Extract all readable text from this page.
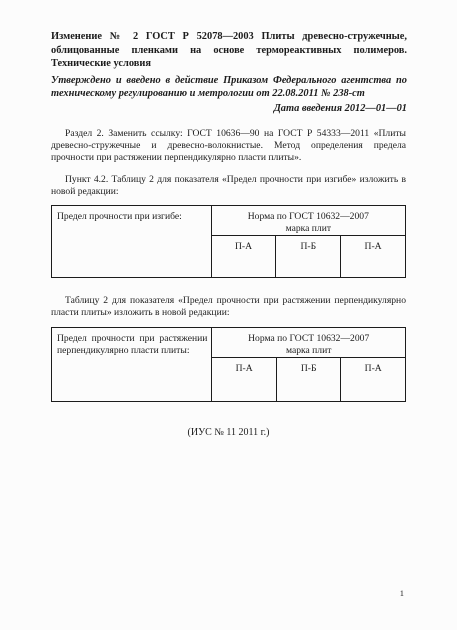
Изменение № 2 ГОСТ Р 52078—2003 Плиты древесно-стружечные, облицованные пленками на основе термореактивных полимеров. Технические условия
Утверждено и введено в действие Приказом Федерального агентства по техническому регулированию и метрологии от 22.08.2011 № 238-ст
Дата введения 2012—01—01
Раздел 2. Заменить ссылку: ГОСТ 10636—90 на ГОСТ Р 54333—2011 «Плиты древесно-стружечные и древесно-волокнистые. Метод определения предела прочности при растяжении перпендикулярно пласти плиты».
Пункт 4.2. Таблицу 2 для показателя «Предел прочности при изгибе» изложить в новой редакции:
Предел прочности при изгибе:	Норма по ГОСТ 10632—2007
марка плит		

	П-А	П-Б	П-А
Таблицу 2 для показателя «Предел прочности при растяжении перпендикулярно пласти плиты» изложить в новой редакции:
Предел прочности при растяжении перпендикулярно пласти плиты:	Норма по ГОСТ 10632—2007
марка плит		

	П-А	П-Б	П-А
(ИУС № 11 2011 г.)
1
